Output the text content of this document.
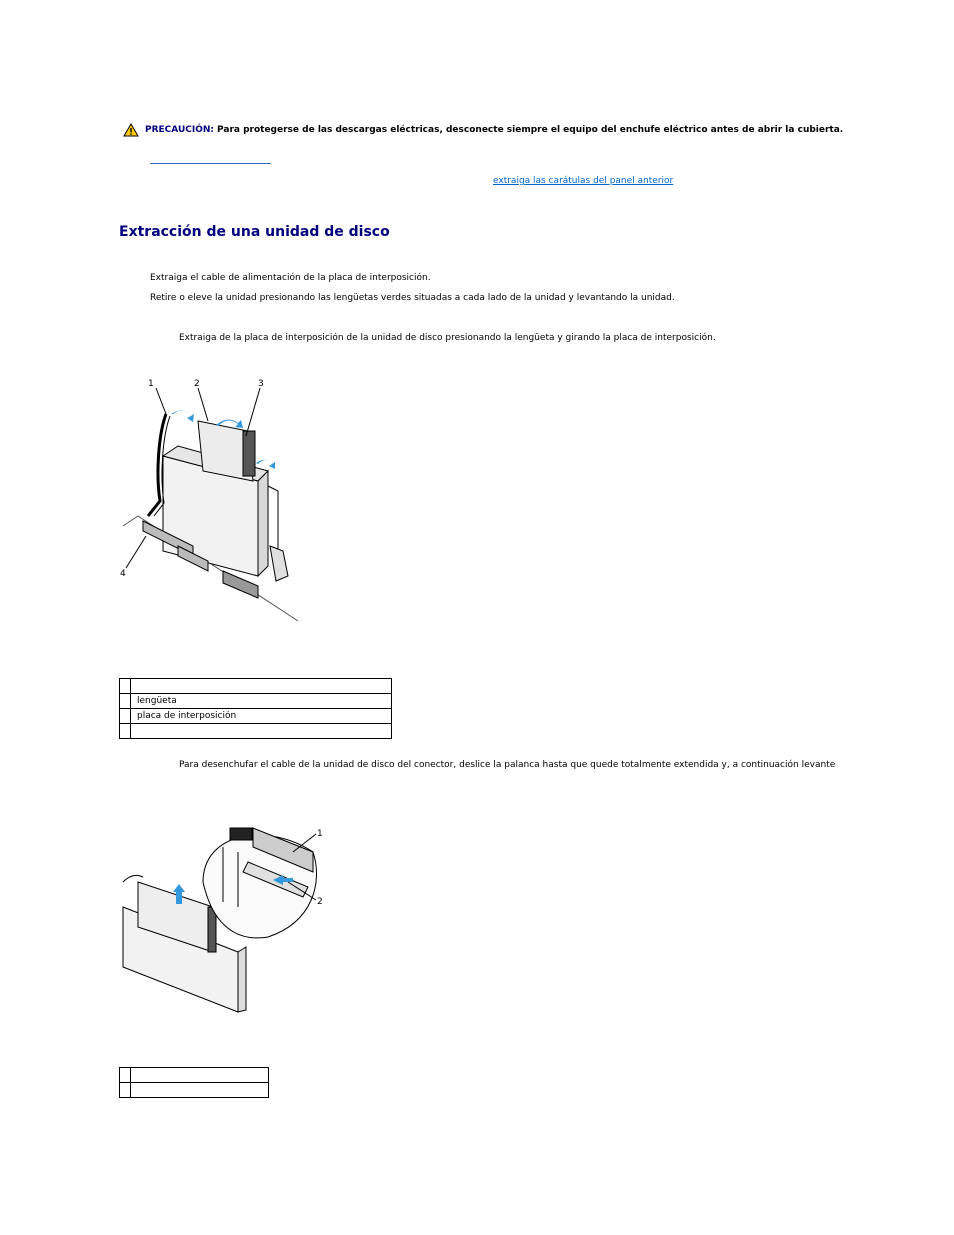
PRECAUCIÓN: Para protegerse de las descargas eléctricas, desconecte siempre el equipo del enchufe eléctrico antes de abrir la cubierta.
extraiga las carátulas del panel anterior
Extracción de una unidad de disco
Extraiga el cable de alimentación de la placa de interposición.
Retire o eleve la unidad presionando las lengüetas verdes situadas a cada lado de la unidad y levantando la unidad.
Extraiga de la placa de interposición de la unidad de disco presionando la lengüeta y girando la placa de interposición.
1	2	3
4

	lengüeta
	placa de interposición

Para desenchufar el cable de la unidad de disco del conector, deslice la palanca hasta que quede totalmente extendida y, a continuación levante
1
2
